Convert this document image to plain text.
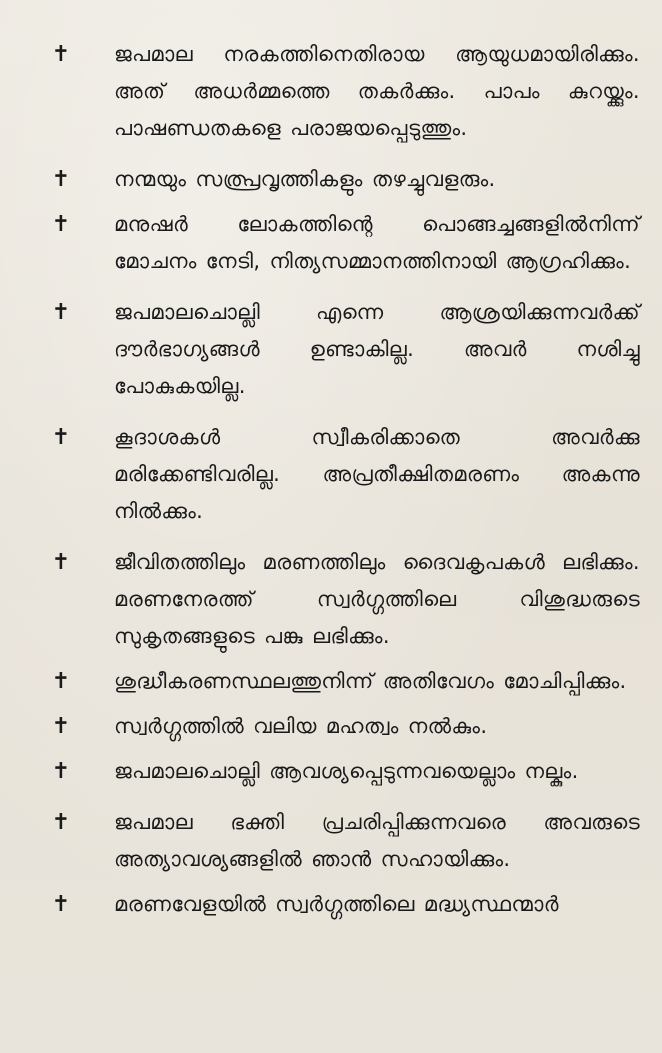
✝ ജപമാല നരകത്തിനെതിരായ ആയുധമായിരിക്കും. അത് അധർമ്മത്തെ തകർക്കും. പാപം കുറയ്ക്കും. പാഷണ്ഡതകളെ പരാജയപ്പെടുത്തും.
✝ നന്മയും സത്പ്രവൃത്തികളും തഴച്ചുവളരും.
✝ മനുഷർ ലോകത്തിന്റെ പൊങ്ങച്ചങ്ങളിൽനിന്ന് മോചനം നേടി, നിത്യസമ്മാനത്തിനായി ആഗ്രഹിക്കും.
✝ ജപമാലചൊല്ലി എന്നെ ആശ്രയിക്കുന്നവർക്ക് ദൗർഭാഗ്യങ്ങൾ ഉണ്ടാകില്ല. അവർ നശിച്ചു പോകുകയില്ല.
✝ കൂദാശകൾ സ്വീകരിക്കാതെ അവർക്കു മരിക്കേണ്ടിവരില്ല. അപ്രതീക്ഷിതമരണം അകന്നു നിൽക്കും.
✝ ജീവിതത്തിലും മരണത്തിലും ദൈവകൃപകൾ ലഭിക്കും. മരണനേരത്ത് സ്വർഗ്ഗത്തിലെ വിശുദ്ധരുടെ സുകൃതങ്ങളുടെ പങ്കു ലഭിക്കും.
✝ ശുദ്ധീകരണസ്ഥലത്തുനിന്ന് അതിവേഗം മോചിപ്പിക്കും.
✝ സ്വർഗ്ഗത്തിൽ വലിയ മഹത്വം നൽകും.
✝ ജപമാലചൊല്ലി ആവശ്യപ്പെടുന്നവയെല്ലാം നല്കും.
✝ ജപമാല ഭക്തി പ്രചരിപ്പിക്കുന്നവരെ അവരുടെ അത്യാവശ്യങ്ങളിൽ ഞാൻ സഹായിക്കും.
✝ മരണവേളയിൽ സ്വർഗ്ഗത്തിലെ മദ്ധ്യസ്ഥന്മാർ
